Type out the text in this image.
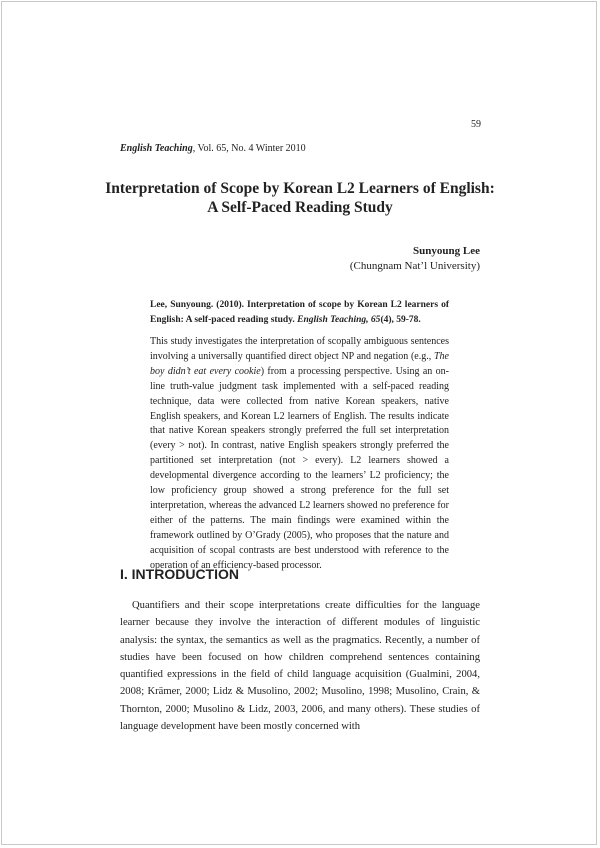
59
English Teaching, Vol. 65, No. 4 Winter 2010
Interpretation of Scope by Korean L2 Learners of English:
A Self-Paced Reading Study
Sunyoung Lee
(Chungnam Nat’l University)
Lee, Sunyoung. (2010). Interpretation of scope by Korean L2 learners of English: A self-paced reading study. English Teaching, 65(4), 59-78.
This study investigates the interpretation of scopally ambiguous sentences involving a universally quantified direct object NP and negation (e.g., The boy didn’t eat every cookie) from a processing perspective. Using an on-line truth-value judgment task implemented with a self-paced reading technique, data were collected from native Korean speakers, native English speakers, and Korean L2 learners of English. The results indicate that native Korean speakers strongly preferred the full set interpretation (every > not). In contrast, native English speakers strongly preferred the partitioned set interpretation (not > every). L2 learners showed a developmental divergence according to the learners’ L2 proficiency; the low proficiency group showed a strong preference for the full set interpretation, whereas the advanced L2 learners showed no preference for either of the patterns. The main findings were examined within the framework outlined by O’Grady (2005), who proposes that the nature and acquisition of scopal contrasts are best understood with reference to the operation of an efficiency-based processor.
I. INTRODUCTION
Quantifiers and their scope interpretations create difficulties for the language learner because they involve the interaction of different modules of linguistic analysis: the syntax, the semantics as well as the pragmatics. Recently, a number of studies have been focused on how children comprehend sentences containing quantified expressions in the field of child language acquisition (Gualmini, 2004, 2008; Krämer, 2000; Lidz & Musolino, 2002; Musolino, 1998; Musolino, Crain, & Thornton, 2000; Musolino & Lidz, 2003, 2006, and many others). These studies of language development have been mostly concerned with
